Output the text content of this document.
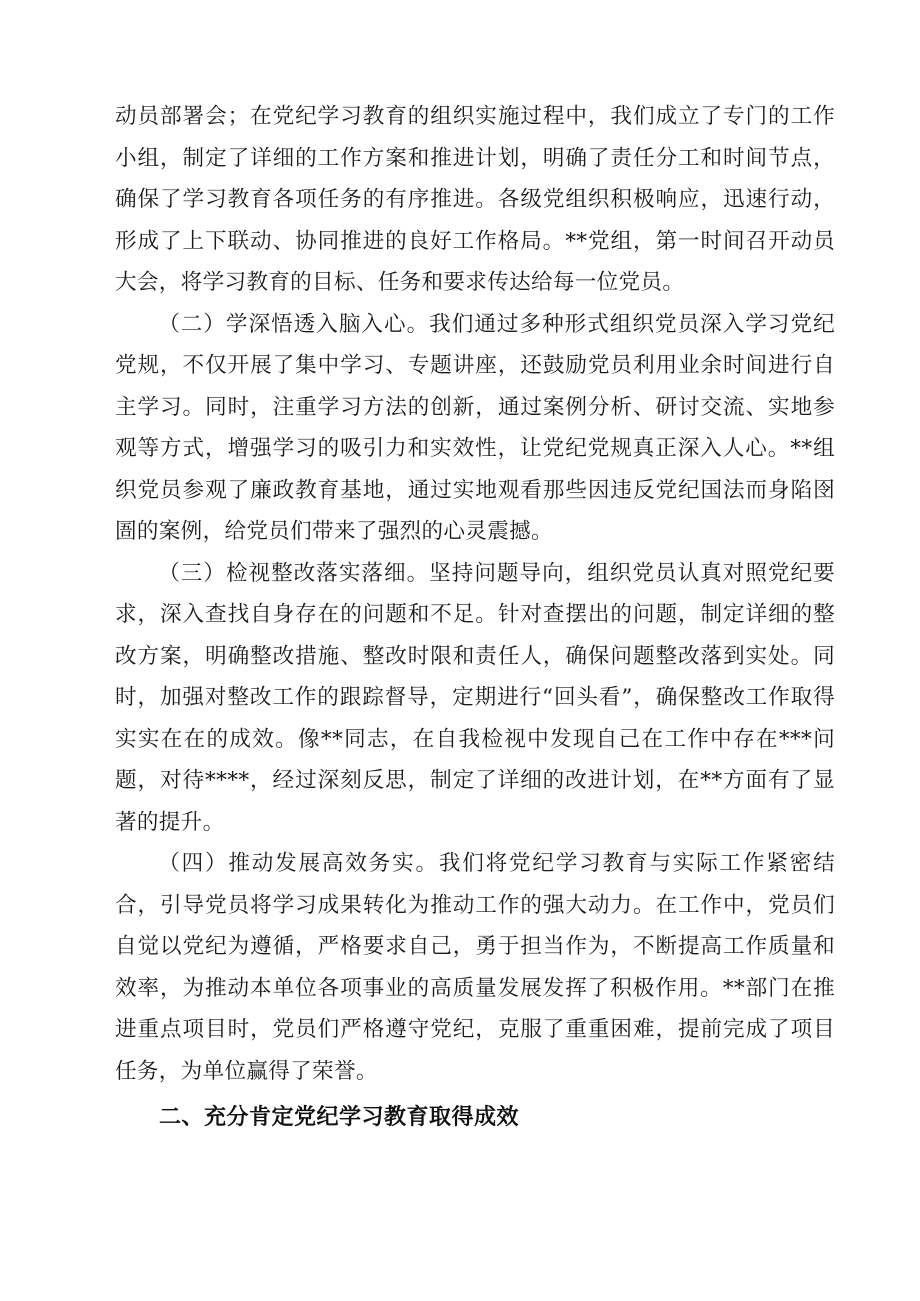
动员部署会；在党纪学习教育的组织实施过程中，我们成立了专门的工作小组，制定了详细的工作方案和推进计划，明确了责任分工和时间节点，确保了学习教育各项任务的有序推进。各级党组织积极响应，迅速行动，形成了上下联动、协同推进的良好工作格局。**党组，第一时间召开动员大会，将学习教育的目标、任务和要求传达给每一位党员。

（二）学深悟透入脑入心。我们通过多种形式组织党员深入学习党纪党规，不仅开展了集中学习、专题讲座，还鼓励党员利用业余时间进行自主学习。同时，注重学习方法的创新，通过案例分析、研讨交流、实地参观等方式，增强学习的吸引力和实效性，让党纪党规真正深入人心。**组织党员参观了廉政教育基地，通过实地观看那些因违反党纪国法而身陷囹圄的案例，给党员们带来了强烈的心灵震撼。

（三）检视整改落实落细。坚持问题导向，组织党员认真对照党纪要求，深入查找自身存在的问题和不足。针对查摆出的问题，制定详细的整改方案，明确整改措施、整改时限和责任人，确保问题整改落到实处。同时，加强对整改工作的跟踪督导，定期进行“回头看”，确保整改工作取得实实在在的成效。像**同志，在自我检视中发现自己在工作中存在***问题，对待****，经过深刻反思，制定了详细的改进计划，在**方面有了显著的提升。

（四）推动发展高效务实。我们将党纪学习教育与实际工作紧密结合，引导党员将学习成果转化为推动工作的强大动力。在工作中，党员们自觉以党纪为遵循，严格要求自己，勇于担当作为，不断提高工作质量和效率，为推动本单位各项事业的高质量发展发挥了积极作用。**部门在推进重点项目时，党员们严格遵守党纪，克服了重重困难，提前完成了项目任务，为单位赢得了荣誉。

二、充分肯定党纪学习教育取得成效
